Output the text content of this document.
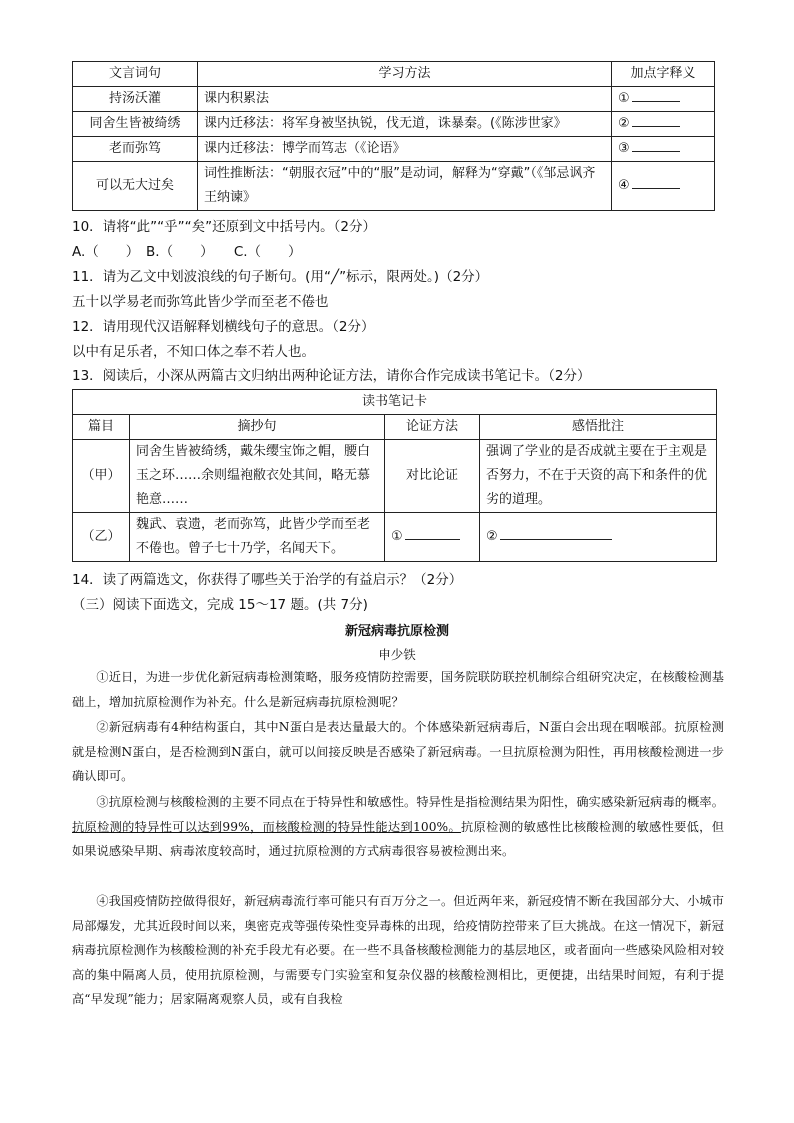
文言词句	学习方法	加点字释义
持汤沃灌	课内积累法	①
同舍生皆被绮绣	课内迁移法：将军身被坚执锐，伐无道，诛暴秦。(《陈涉世家》	②
老而弥笃	课内迁移法：博学而笃志（《论语》	③
可以无大过矣	词性推断法：“朝服衣冠”中的“服”是动词，解释为“穿戴”（《邹忌讽齐王纳谏》	④
10．请将“此”“乎”“矣”还原到文中括号内。（2分）
A.（　　）　B.（　　）　　C.（　　）
11．请为乙文中划波浪线的句子断句。(用“╱”标示，限两处。)（2分）
五十以学易老而弥笃此皆少学而至老不倦也
12．请用现代汉语解释划横线句子的意思。（2分）
以中有足乐者，不知口体之奉不若人也。
13．阅读后，小深从两篇古文归纳出两种论证方法，请你合作完成读书笔记卡。（2分）
读书笔记卡			
篇目	摘抄句	论证方法	感悟批注
（甲）	同舍生皆被绮绣，戴朱缨宝饰之帽，腰白玉之环……余则缊袍敝衣处其间，略无慕艳意……	对比论证	强调了学业的是否成就主要在于主观是否努力，不在于天资的高下和条件的优劣的道理。
（乙）	魏武、袁遗，老而弥笃，此皆少学而至老不倦也。曾子七十乃学，名闻天下。	①	②
14．读了两篇选文，你获得了哪些关于治学的有益启示？（2分）
（三）阅读下面选文，完成 15～17 题。(共 7分)
新冠病毒抗原检测
申少铁
①近日，为进一步优化新冠病毒检测策略，服务疫情防控需要，国务院联防联控机制综合组研究决定，在核酸检测基础上，增加抗原检测作为补充。什么是新冠病毒抗原检测呢？
②新冠病毒有4种结构蛋白，其中N蛋白是表达量最大的。个体感染新冠病毒后，N蛋白会出现在咽喉部。抗原检测就是检测N蛋白，是否检测到N蛋白，就可以间接反映是否感染了新冠病毒。一旦抗原检测为阳性，再用核酸检测进一步确认即可。
③抗原检测与核酸检测的主要不同点在于特异性和敏感性。特异性是指检测结果为阳性，确实感染新冠病毒的概率。抗原检测的特异性可以达到99%，而核酸检测的特异性能达到100%。抗原检测的敏感性比核酸检测的敏感性要低，但如果说感染早期、病毒浓度较高时，通过抗原检测的方式病毒很容易被检测出来。
④我国疫情防控做得很好，新冠病毒流行率可能只有百万分之一。但近两年来，新冠疫情不断在我国部分大、小城市局部爆发，尤其近段时间以来，奥密克戎等强传染性变异毒株的出现，给疫情防控带来了巨大挑战。在这一情况下，新冠病毒抗原检测作为核酸检测的补充手段尤有必要。在一些不具备核酸检测能力的基层地区，或者面向一些感染风险相对较高的集中隔离人员，使用抗原检测，与需要专门实验室和复杂仪器的核酸检测相比，更便捷，出结果时间短，有利于提高“早发现”能力；居家隔离观察人员，或有自我检
